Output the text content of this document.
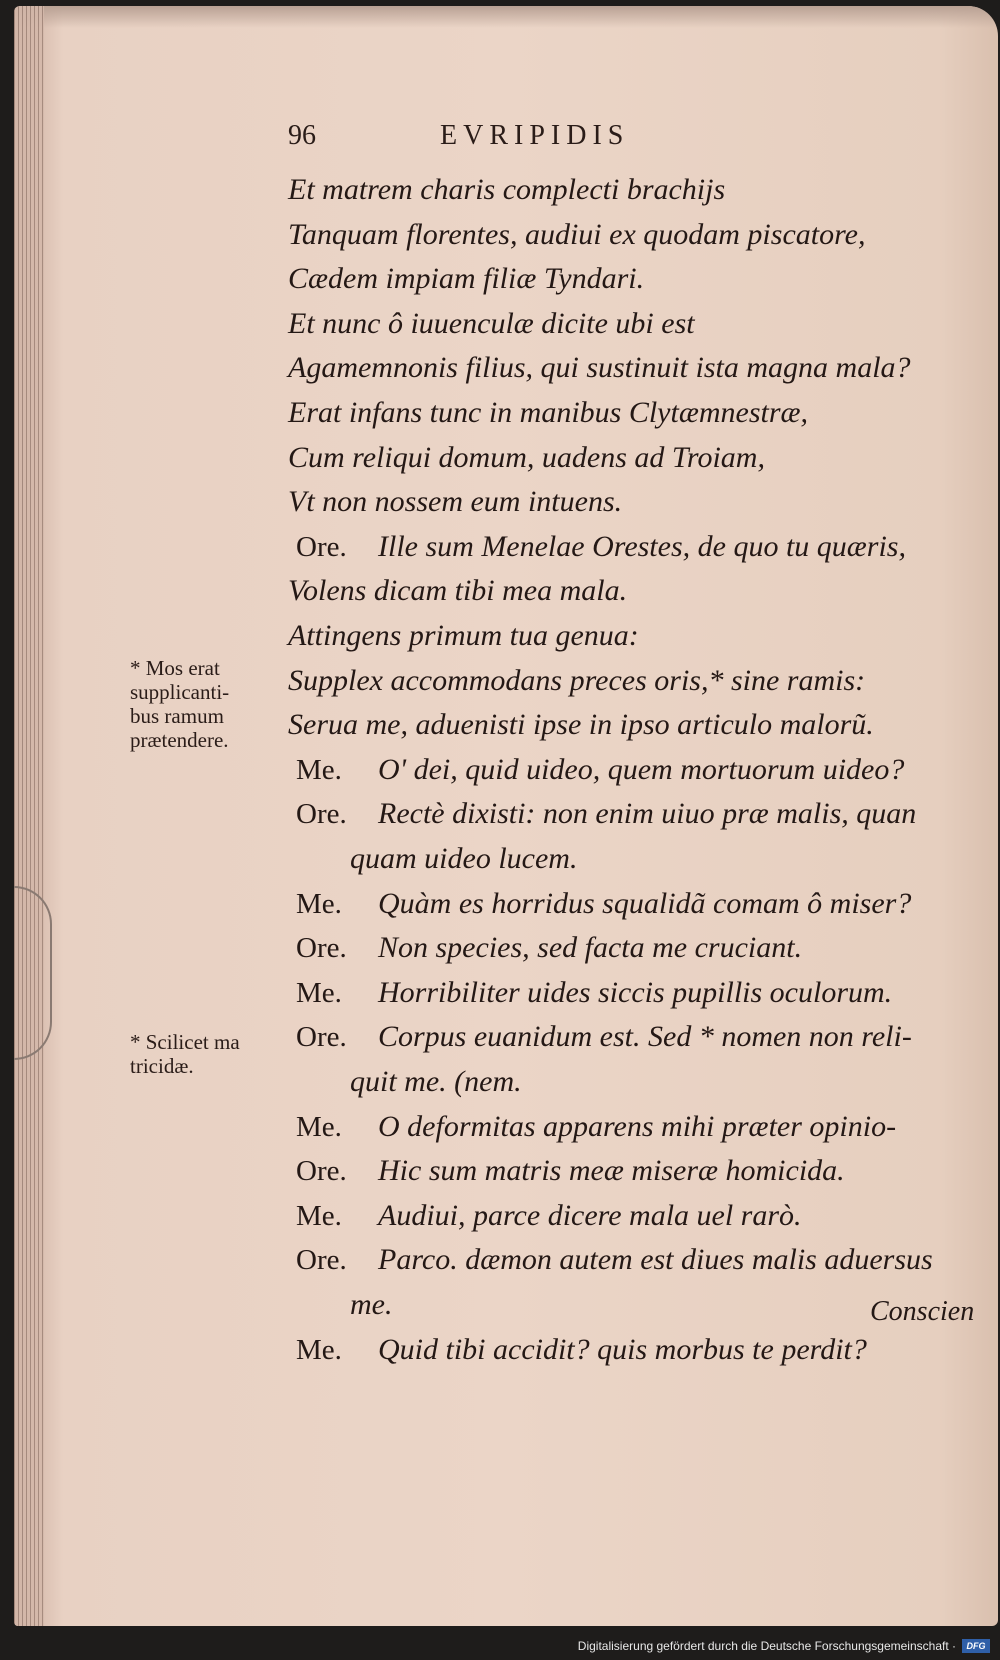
96	EVRIPIDIS
Et matrem charis complecti brachijs
Tanquam florentes, audiui ex quodam piscatore,
Cædem impiam filiæ Tyndari.
Et nunc ô iuuenculæ dicite ubi est
Agamemnonis filius, qui sustinuit ista magna mala?
Erat infans tunc in manibus Clytæmnestræ,
Cum reliqui domum, uadens ad Troiam,
Vt non nossem eum intuens.
Ore. Ille sum Menelae Orestes, de quo tu quæris,
Volens dicam tibi mea mala.
Attingens primum tua genua:
Supplex accommodans preces oris,* sine ramis:
Serua me, aduenisti ipse in ipso articulo malorũ.
Me. O' dei, quid uideo, quem mortuorum uideo?
Ore. Rectè dixisti: non enim uiuo præ malis, quan
quam uideo lucem.
Me. Quàm es horridus squalidã comam ô miser?
Ore. Non species, sed facta me cruciant.
Me. Horribiliter uides siccis pupillis oculorum.
Ore. Corpus euanidum est. Sed * nomen non reli-
quit me. (nem.
Me. O deformitas apparens mihi præter opinio-
Ore. Hic sum matris meæ miseræ homicida.
Me. Audiui, parce dicere mala uel rarò.
Ore. Parco. dæmon autem est diues malis aduersus
me.
Me. Quid tibi accidit? quis morbus te perdit?
* Mos erat
supplicanti-
bus ramum
prætendere.
* Scilicet ma
tricidæ.
Conscien
Digitalisierung gefördert durch die Deutsche Forschungsgemeinschaft ·	DFG
